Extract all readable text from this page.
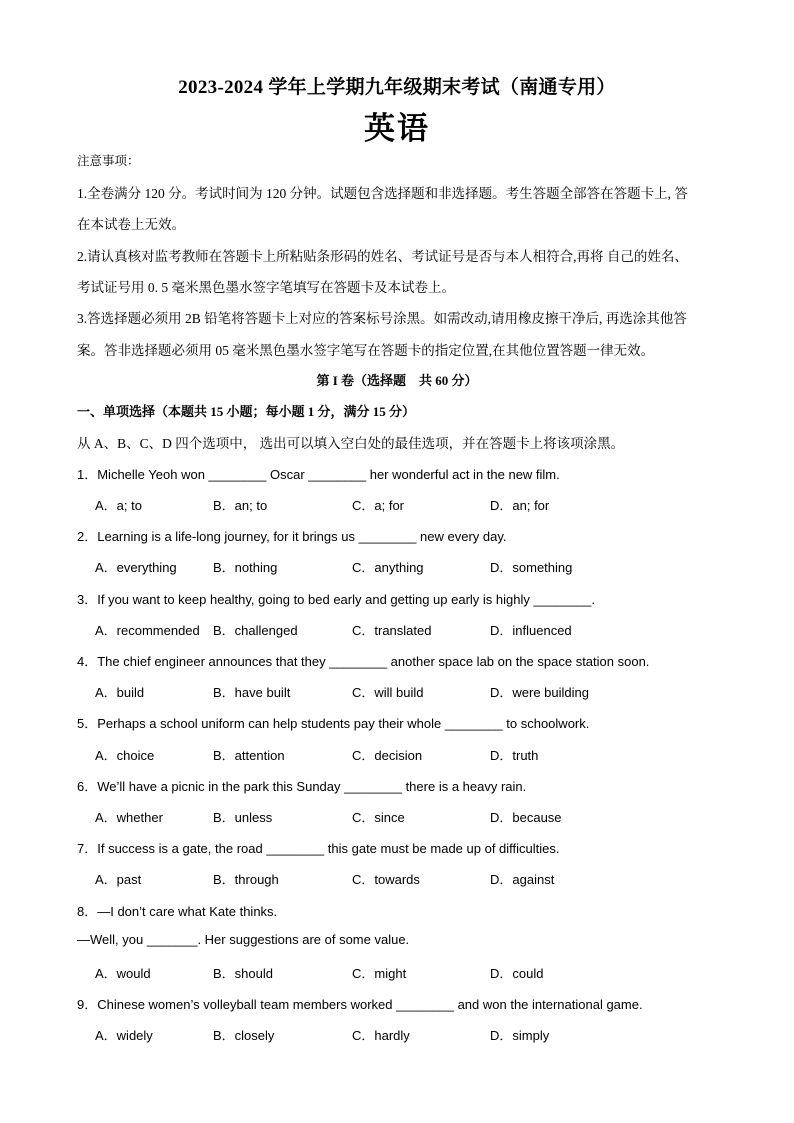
2023-2024 学年上学期九年级期末考试（南通专用）
英语
注意事项：
1.全卷满分 120 分。考试时间为 120 分钟。试题包含选择题和非选择题。考生答题全部答在答题卡上, 答
在本试卷上无效。
2.请认真核对监考教师在答题卡上所粘贴条形码的姓名、考试证号是否与本人相符合,再将 自己的姓名、
考试证号用 0. 5 毫米黑色墨水签字笔填写在答题卡及本试卷上。
3.答选择题必须用 2B 铅笔将答题卡上对应的答案标号涂黑。如需改动,请用橡皮擦干净后, 再选涂其他答
案。答非选择题必须用 05 毫米黑色墨水签字笔写在答题卡的指定位置,在其他位置答题一律无效。
第 I 卷（选择题　共 60 分）
一、单项选择（本题共 15 小题；每小题 1 分，满分 15 分）
从 A、B、C、D 四个选项中， 选出可以填入空白处的最佳选项，并在答题卡上将该项涂黑。
1．Michelle Yeoh won ________ Oscar ________ her wonderful act in the new film.
A．a; to	B．an; to	C．a; for	D．an; for
2．Learning is a life-long journey, for it brings us ________ new every day.
A．everything	B．nothing	C．anything	D．something
3．If you want to keep healthy, going to bed early and getting up early is highly ________.
A．recommended B．challenged	C．translated	D．influenced
4．The chief engineer announces that they ________ another space lab on the space station soon.
A．build	B．have built	C．will build	D．were building
5．Perhaps a school uniform can help students pay their whole ________ to schoolwork.
A．choice	B．attention	C．decision	D．truth
6．We’ll have a picnic in the park this Sunday ________ there is a heavy rain.
A．whether	B．unless	C．since	D．because
7．If success is a gate, the road ________ this gate must be made up of difficulties.
A．past	B．through	C．towards	D．against
8．—I don’t care what Kate thinks.
—Well, you _______. Her suggestions are of some value.
A．would	B．should	C．might	D．could
9．Chinese women’s volleyball team members worked ________ and won the international game.
A．widely	B．closely	C．hardly	D．simply
